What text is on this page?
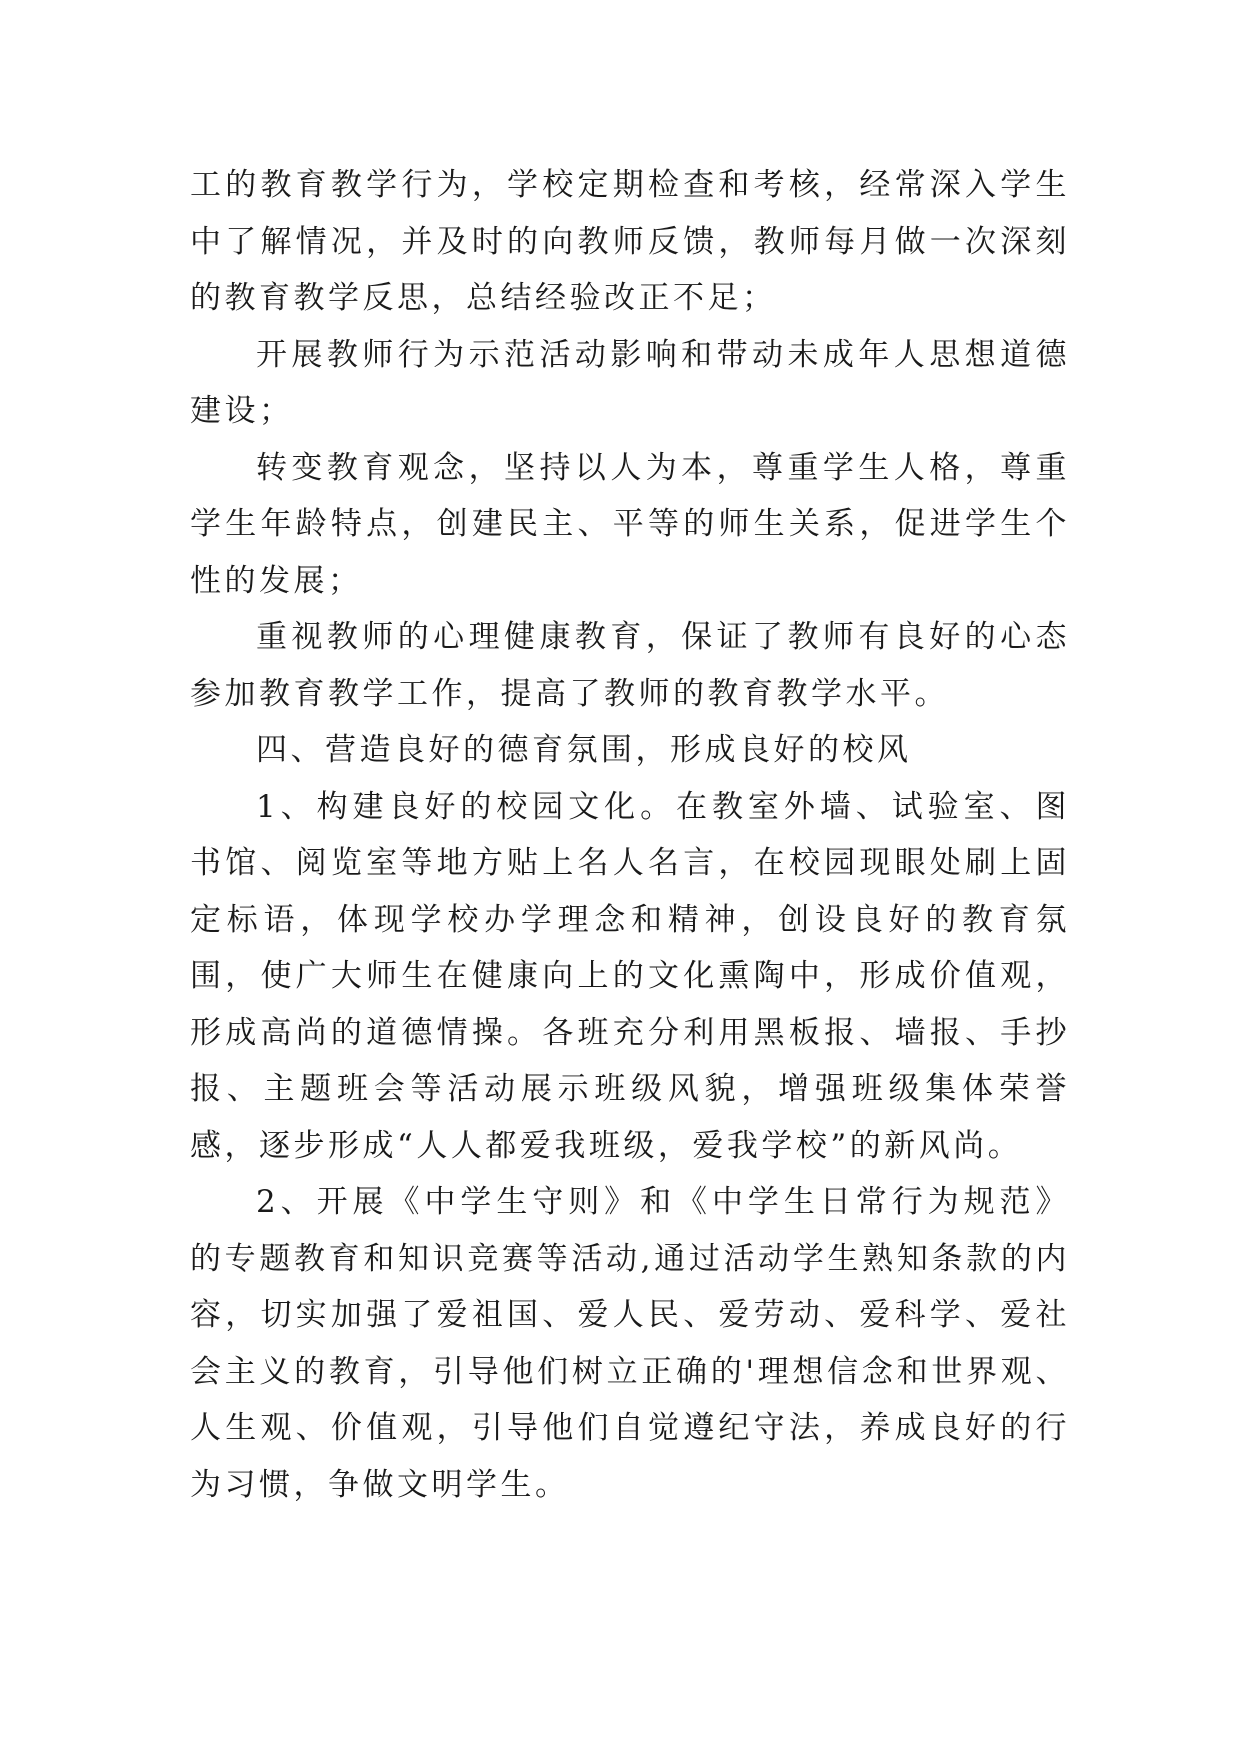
工的教育教学行为，学校定期检查和考核，经常深入学生中了解情况，并及时的向教师反馈，教师每月做一次深刻的教育教学反思，总结经验改正不足；

开展教师行为示范活动影响和带动未成年人思想道德建设；

转变教育观念，坚持以人为本，尊重学生人格，尊重学生年龄特点，创建民主、平等的师生关系，促进学生个性的发展；

重视教师的心理健康教育，保证了教师有良好的心态参加教育教学工作，提高了教师的教育教学水平。

四、营造良好的德育氛围，形成良好的校风

1、构建良好的校园文化。在教室外墙、试验室、图书馆、阅览室等地方贴上名人名言，在校园现眼处刷上固定标语，体现学校办学理念和精神，创设良好的教育氛围，使广大师生在健康向上的文化熏陶中，形成价值观，形成高尚的道德情操。各班充分利用黑板报、墙报、手抄报、主题班会等活动展示班级风貌，增强班级集体荣誉感，逐步形成“人人都爱我班级，爱我学校”的新风尚。

2、开展《中学生守则》和《中学生日常行为规范》的专题教育和知识竞赛等活动,通过活动学生熟知条款的内容，切实加强了爱祖国、爱人民、爱劳动、爱科学、爱社会主义的教育，引导他们树立正确的'理想信念和世界观、人生观、价值观，引导他们自觉遵纪守法，养成良好的行为习惯，争做文明学生。
